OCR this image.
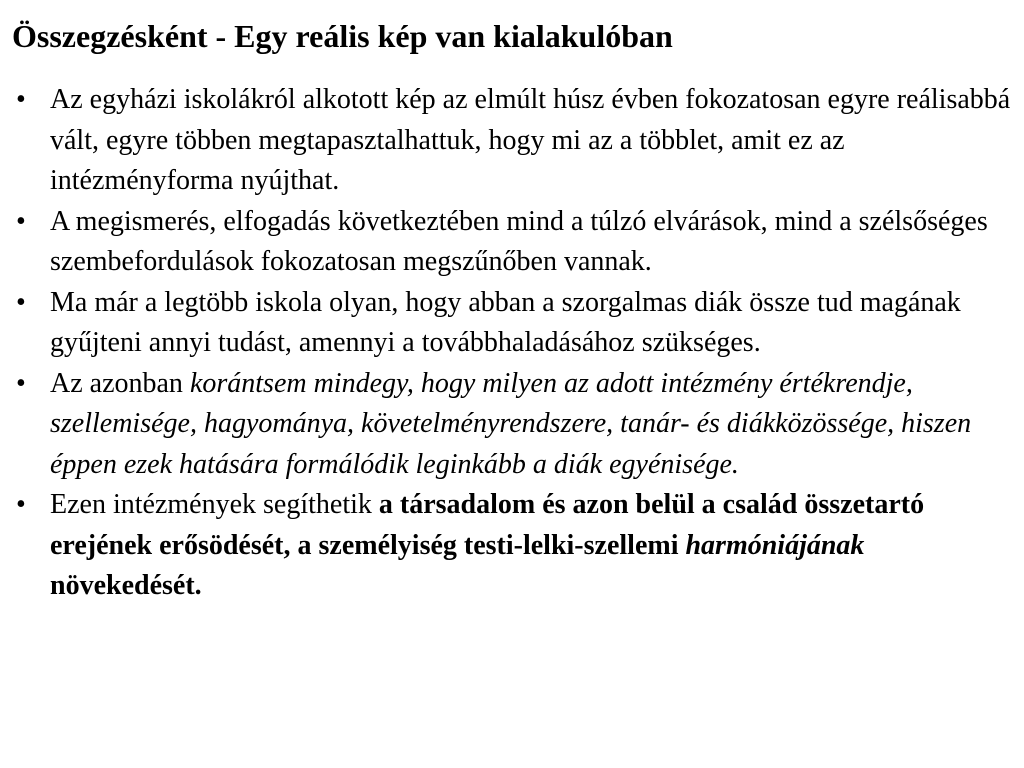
Összegzésként - Egy reális kép van kialakulóban
• Az egyházi iskolákról alkotott kép az elmúlt húsz évben fokozatosan egyre reálisabbá vált, egyre többen megtapasztalhattuk, hogy mi az a többlet, amit ez az intézményforma nyújthat.
• A megismerés, elfogadás következtében mind a túlzó elvárások, mind a szélsőséges szembefordulások fokozatosan megszűnőben vannak.
• Ma már a legtöbb iskola olyan, hogy abban a szorgalmas diák össze tud magának gyűjteni annyi tudást, amennyi a továbbhaladásához szükséges.
• Az azonban korántsem mindegy, hogy milyen az adott intézmény értékrendje, szellemisége, hagyománya, követelményrendszere, tanár- és diákközössége, hiszen éppen ezek hatására formálódik leginkább a diák egyénisége.
• Ezen intézmények segíthetik a társadalom és azon belül a család összetartó erejének erősödését, a személyiség testi-lelki-szellemi harmóniájának növekedését.
